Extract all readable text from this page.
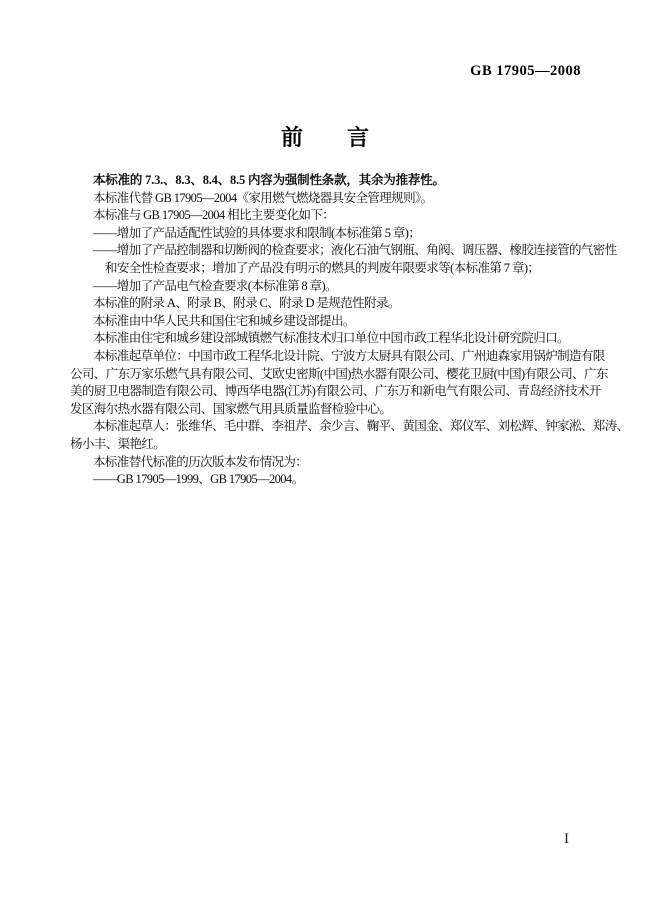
GB 17905—2008
前 言
本标准的 7.3.、8.3、8.4、8.5 内容为强制性条款，其余为推荐性。
本标准代替 GB 17905—2004《家用燃气燃烧器具安全管理规则》。
本标准与 GB 17905—2004 相比主要变化如下：
——增加了产品适配性试验的具体要求和限制(本标准第 5 章)；
——增加了产品控制器和切断阀的检查要求；液化石油气钢瓶、角阀、调压器、橡胶连接管的气密性
和安全性检查要求；增加了产品没有明示的燃具的判废年限要求等(本标准第 7 章)；
——增加了产品电气检查要求(本标准第 8 章)。
本标准的附录 A、附录 B、附录 C、附录 D 是规范性附录。
本标准由中华人民共和国住宅和城乡建设部提出。
本标准由住宅和城乡建设部城镇燃气标准技术归口单位中国市政工程华北设计研究院归口。
本标准起草单位：中国市政工程华北设计院、宁波方太厨具有限公司、广州迪森家用锅炉制造有限
公司、广东万家乐燃气具有限公司、艾欧史密斯(中国)热水器有限公司、樱花卫厨(中国)有限公司、广东
美的厨卫电器制造有限公司、博西华电器(江苏)有限公司、广东万和新电气有限公司、青岛经济技术开
发区海尔热水器有限公司、国家燃气用具质量监督检验中心。
本标准起草人：张维华、毛中群、李祖芹、余少言、鞠平、黄国金、郑仪军、刘松辉、钟家淞、郑涛、
杨小丰、渠艳红。
本标准替代标准的历次版本发布情况为：
——GB 17905—1999、GB 17905—2004。
I
